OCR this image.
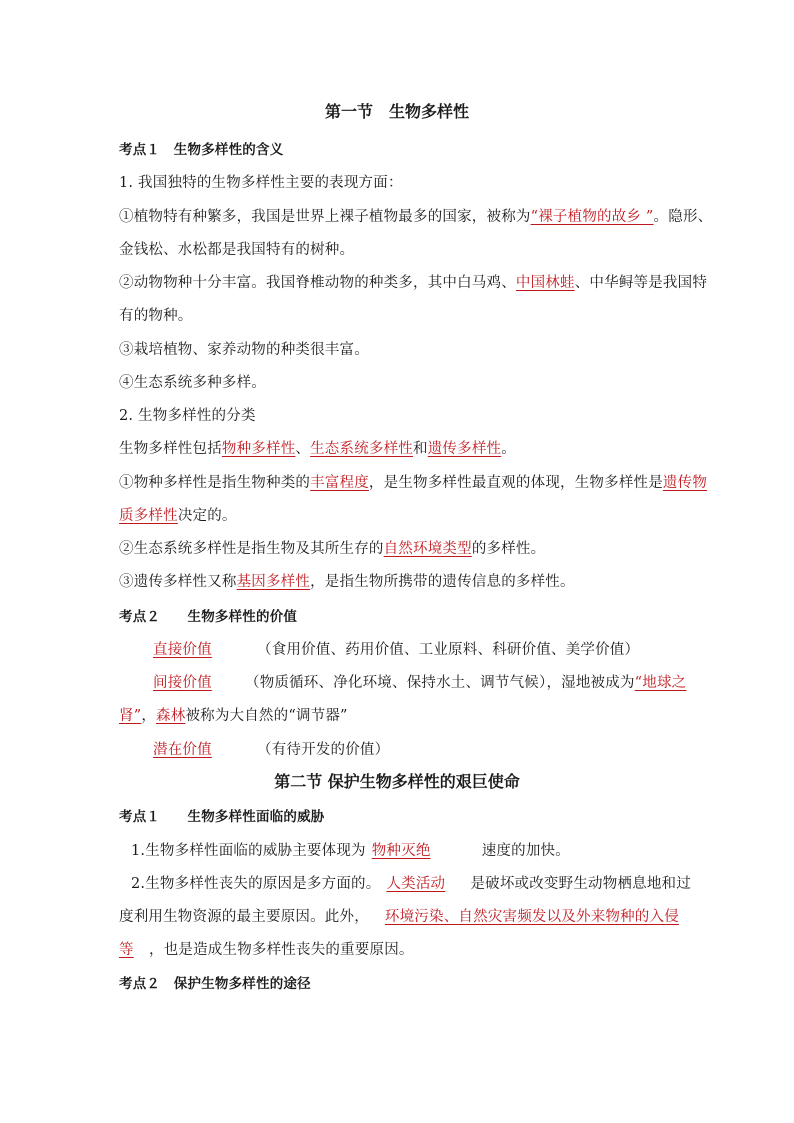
第一节　生物多样性
考点１　生物多样性的含义
1. 我国独特的生物多样性主要的表现方面：
①植物特有种繁多，我国是世界上裸子植物最多的国家，被称为“裸子植物的故乡 ”。隐形、
金钱松、水松都是我国特有的树种。
②动物物种十分丰富。我国脊椎动物的种类多，其中白马鸡、中国林蛙、中华鲟等是我国特
有的物种。
③栽培植物、家养动物的种类很丰富。
④生态系统多种多样。
2. 生物多样性的分类
生物多样性包括物种多样性、生态系统多样性和遗传多样性。
①物种多样性是指生物种类的丰富程度，是生物多样性最直观的体现，生物多样性是遗传物
质多样性决定的。
②生态系统多样性是指生物及其所生存的自然环境类型的多样性。
③遗传多样性又称基因多样性，是指生物所携带的遗传信息的多样性。
考点２　　生物多样性的价值
直接价值	（食用价值、药用价值、工业原料、科研价值、美学价值）
间接价值 （物质循环、净化环境、保持水土、调节气候），湿地被成为“地球之
肾”，森林被称为大自然的“调节器”
潜在价值	（有待开发的价值）
第二节 保护生物多样性的艰巨使命
考点１　　生物多样性面临的威胁
1.生物多样性面临的威胁主要体现为 物种灭绝	速度的加快。
2.生物多样性丧失的原因是多方面的。 人类活动 是破坏或改变野生动物栖息地和过
度利用生物资源的最主要原因。此外， 环境污染、自然灾害频发以及外来物种的入侵
等 ，也是造成生物多样性丧失的重要原因。
考点２　保护生物多样性的途径
